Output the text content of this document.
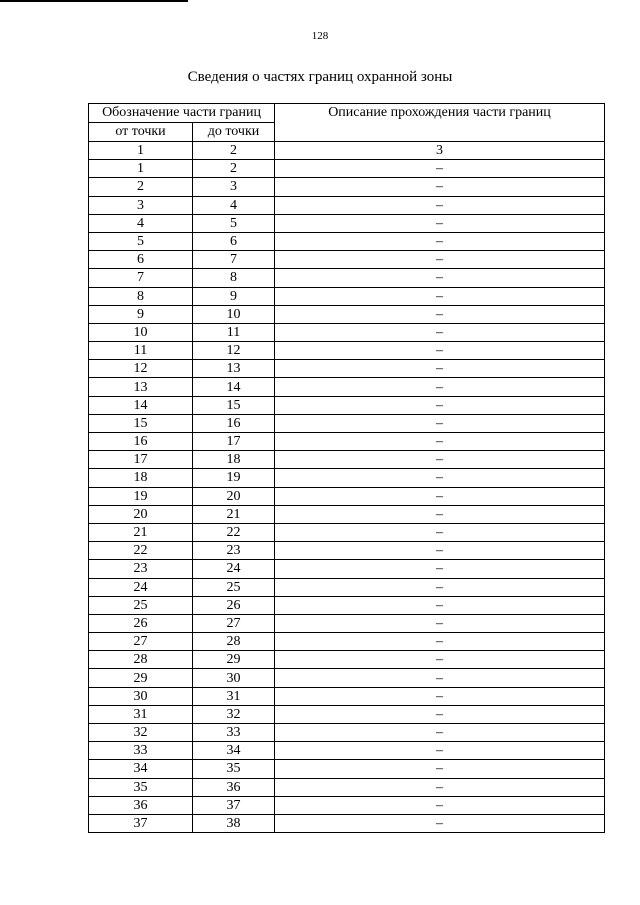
128
Сведения о частях границ охранной зоны
Обозначение части границ		Описание прохождения части границ
от точки	до точки	
1	2	3
1	2	–
2	3	–
3	4	–
4	5	–
5	6	–
6	7	–
7	8	–
8	9	–
9	10	–
10	11	–
11	12	–
12	13	–
13	14	–
14	15	–
15	16	–
16	17	–
17	18	–
18	19	–
19	20	–
20	21	–
21	22	–
22	23	–
23	24	–
24	25	–
25	26	–
26	27	–
27	28	–
28	29	–
29	30	–
30	31	–
31	32	–
32	33	–
33	34	–
34	35	–
35	36	–
36	37	–
37	38	–
